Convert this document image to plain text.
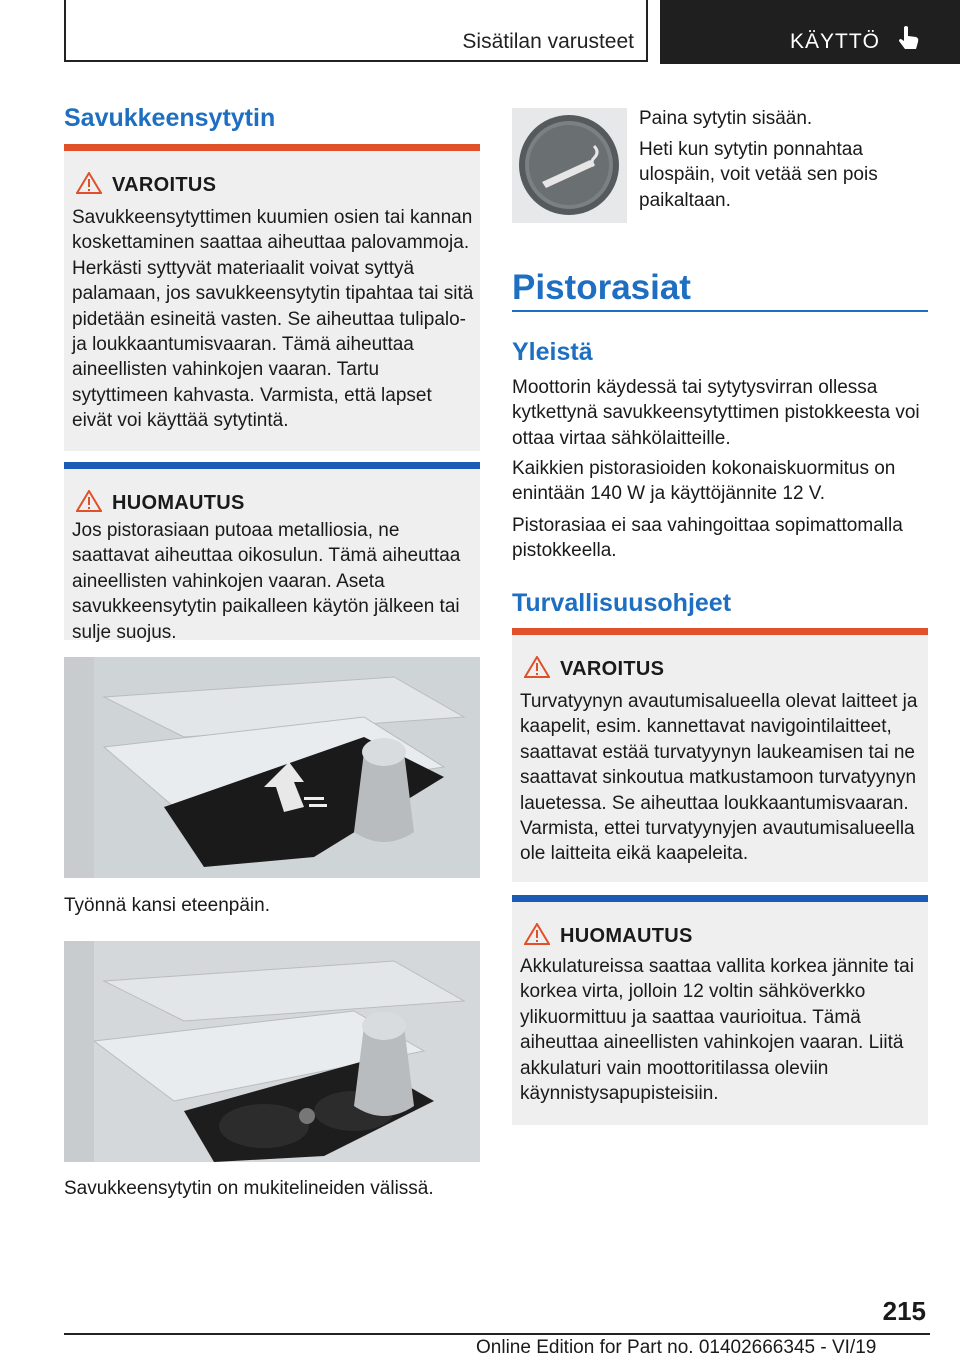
Sisätilan varusteet	KÄYTTÖ
Savukkeensytytin
VAROITUS
Savukkeensytyttimen kuumien osien tai kannan koskettaminen saattaa aiheuttaa palovammoja. Herkästi syttyvät materiaalit voivat syttyä palamaan, jos savukkeensytytin tipahtaa tai sitä pidetään esineitä vasten. Se aiheuttaa tulipalo- ja loukkaantumisvaaran. Tämä aiheuttaa aineellisten vahinkojen vaaran. Tartu sytyttimeen kahvasta. Varmista, että lapset eivät voi käyttää sytytintä.
HUOMAUTUS
Jos pistorasiaan putoaa metalliosia, ne saattavat aiheuttaa oikosulun. Tämä aiheuttaa aineellisten vahinkojen vaaran. Aseta savukkeensytytin paikalleen käytön jälkeen tai sulje suojus.

Työnnä kansi eteenpäin.

Savukkeensytytin on mukitelineiden välissä.

Paina sytytin sisään.

Heti kun sytytin ponnahtaa ulospäin, voit vetää sen pois paikaltaan.

Pistorasiat
Yleistä

Moottorin käydessä tai sytytysvirran ollessa kytkettynä savukkeensytyttimen pistokkeesta voi ottaa virtaa sähkölaitteille.

Kaikkien pistorasioiden kokonaiskuormitus on enintään 140 W ja käyttöjännite 12 V.

Pistorasiaa ei saa vahingoittaa sopimattomalla pistokkeella.

Turvallisuusohjeet
VAROITUS
Turvatyynyn avautumisalueella olevat laitteet ja kaapelit, esim. kannettavat navigointilaitteet, saattavat estää turvatyynyn laukeamisen tai ne saattavat sinkoutua matkustamoon turvatyynyn lauetessa. Se aiheuttaa loukkaantumisvaaran. Varmista, ettei turvatyynyjen avautumisalueella ole laitteita eikä kaapeleita.
HUOMAUTUS
Akkulatureissa saattaa vallita korkea jännite tai korkea virta, jolloin 12 voltin sähköverkko ylikuormittuu ja saattaa vaurioitua. Tämä aiheuttaa aineellisten vahinkojen vaaran. Liitä akkulaturi vain moottoritilassa oleviin käynnistysapupisteisiin.
215
Online Edition for Part no. 01402666345 - VI/19
